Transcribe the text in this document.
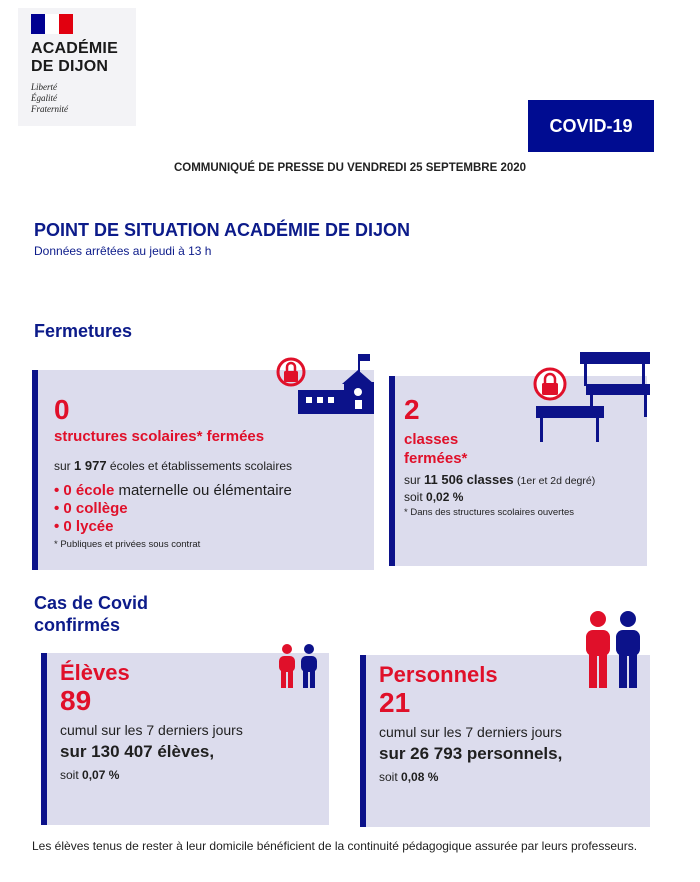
ACADÉMIE
DE DIJON
Liberté
Égalité
Fraternité
COVID-19
COMMUNIQUÉ DE PRESSE DU VENDREDI 25 SEPTEMBRE 2020
POINT DE SITUATION ACADÉMIE DE DIJON
Données arrêtées au jeudi à 13 h
Fermetures
0
structures scolaires* fermées
sur 1 977 écoles et établissements scolaires
• 0 école maternelle ou élémentaire
• 0 collège
• 0 lycée
* Publiques et privées sous contrat
2
classes
fermées*
sur 11 506 classes (1er et 2d degré)
soit 0,02 %
* Dans des structures scolaires ouvertes
Cas de Covid
confirmés
Élèves
89
cumul sur les 7 derniers jours
sur 130 407 élèves,
soit 0,07 %
Personnels
21
cumul sur les 7 derniers jours
sur 26 793 personnels,
soit 0,08 %
Les élèves tenus de rester à leur domicile bénéficient de la continuité pédagogique assurée par leurs professeurs.
